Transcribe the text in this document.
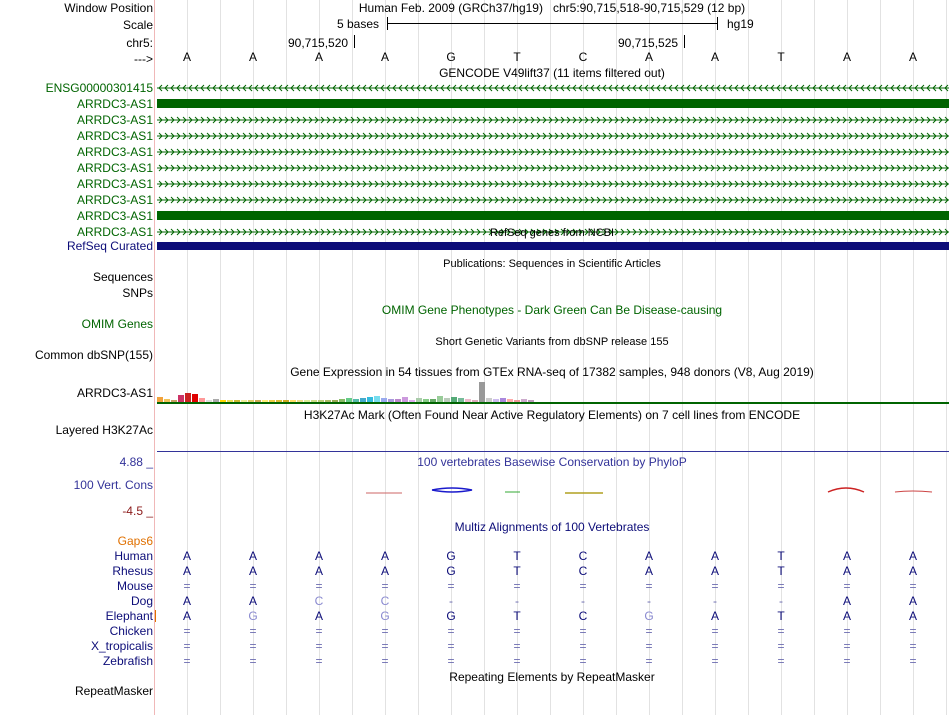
Window Position
Scale
chr5:
--->
Human Feb. 2009 (GRCh37/hg19)   chr5:90,715,518-90,715,529 (12 bp)
5 bases	hg19
90,715,520	90,715,525
A	A	A	A	G	T	C	A	A	T	A	A
GENCODE V49lift37 (11 items filtered out)
ENSG00000301415
ARRDC3-AS1
ARRDC3-AS1
ARRDC3-AS1
ARRDC3-AS1
ARRDC3-AS1
ARRDC3-AS1
ARRDC3-AS1
ARRDC3-AS1
ARRDC3-AS1	RefSeq genes from NCBI
RefSeq Curated
Publications: Sequences in Scientific Articles
Sequences
SNPs
OMIM Gene Phenotypes - Dark Green Can Be Disease-causing
OMIM Genes
Short Genetic Variants from dbSNP release 155
Common dbSNP(155)
Gene Expression in 54 tissues from GTEx RNA-seq of 17382 samples, 948 donors (V8, Aug 2019)
ARRDC3-AS1
H3K27Ac Mark (Often Found Near Active Regulatory Elements) on 7 cell lines from ENCODE
Layered H3K27Ac
100 vertebrates Basewise Conservation by PhyloP
4.88 _
100 Vert. Cons
-4.5 _
Multiz Alignments of 100 Vertebrates
Gaps6
Human A	A	A	A	G	T	C	A	A	T	A	A
Rhesus A	A	A	A	G	T	C	A	A	T	A	A
Mouse	=	=	=	=	=	=	=	=	=	=	=	=
Dog A	A	C	C	-	-	-	-	-	-	A	A
Elephant A	G	A	G	G	T	C	G	A	T	A	A
Chicken	=	=	=	=	=	=	=	=	=	=	=	=
X_tropicalis	=	=	=	=	=	=	=	=	=	=	=	=
Zebrafish	=	=	=	=	=	=	=	=	=	=	=	=
Repeating Elements by RepeatMasker
RepeatMasker
